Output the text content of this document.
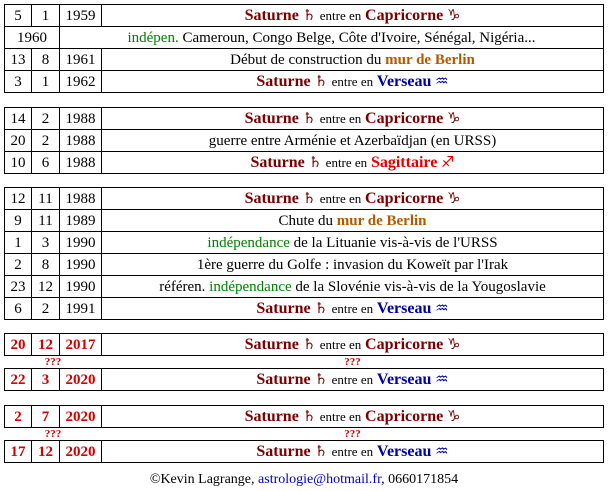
5	1	1959	Saturne ♄ entre en Capricorne ♑
1960		indépen. Cameroun, Congo Belge, Côte d'Ivoire, Sénégal, Nigéria...	
13	8	1961	Début de construction du mur de Berlin
3	1	1962	Saturne ♄ entre en Verseau ♒
14	2	1988	Saturne ♄ entre en Capricorne ♑
20	2	1988	guerre entre Arménie et Azerbaïdjan (en URSS)
10	6	1988	Saturne ♄ entre en Sagittaire ♐
12	11	1988	Saturne ♄ entre en Capricorne ♑
9	11	1989	Chute du mur de Berlin
1	3	1990	indépendance de la Lituanie vis-à-vis de l'URSS
2	8	1990	1ère guerre du Golfe : invasion du Koweït par l'Irak
23	12	1990	référen. indépendance de la Slovénie vis-à-vis de la Yougoslavie
6	2	1991	Saturne ♄ entre en Verseau ♒
20	12	2017	Saturne ♄ entre en Capricorne ♑
???			???
22	3	2020	Saturne ♄ entre en Verseau ♒
2	7	2020	Saturne ♄ entre en Capricorne ♑
???			???
17	12	2020	Saturne ♄ entre en Verseau ♒
©Kevin Lagrange, astrologie@hotmail.fr, 0660171854
